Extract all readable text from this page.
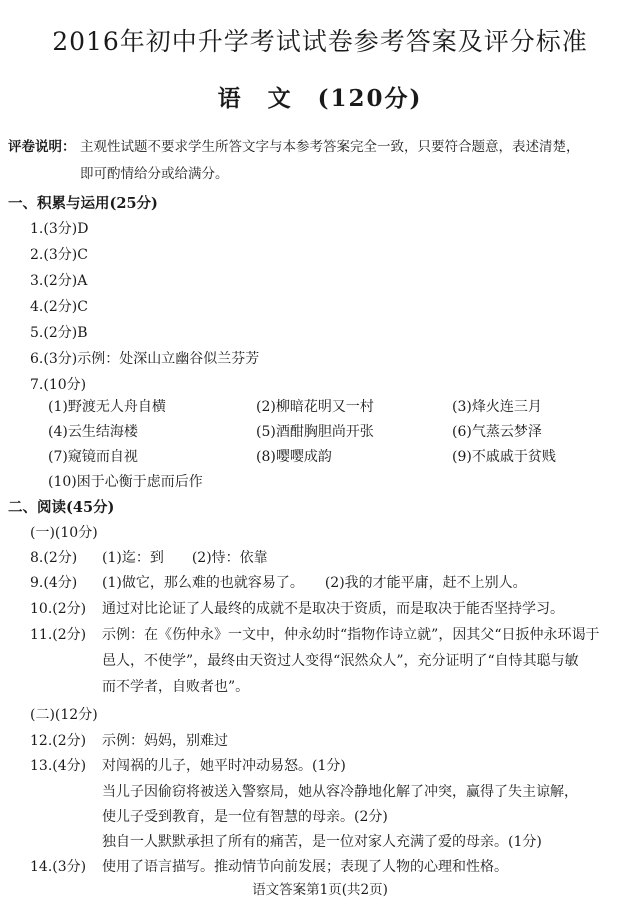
2016年初中升学考试试卷参考答案及评分标准
语　文　(120分)
评卷说明： 主观性试题不要求学生所答文字与本参考答案完全一致，只要符合题意，表述清楚，
即可酌情给分或给满分。
一、积累与运用(25分)
1.(3分)D
2.(3分)C
3.(2分)A
4.(2分)C
5.(2分)B
6.(3分)示例：处深山立幽谷似兰芬芳
7.(10分)
(1)野渡无人舟自横	(2)柳暗花明又一村	(3)烽火连三月
(4)云生结海楼	(5)酒酣胸胆尚开张	(6)气蒸云梦泽
(7)窥镜而自视	(8)嘤嘤成韵	(9)不戚戚于贫贱
(10)困于心衡于虑而后作
二、阅读(45分)
(一)(10分)
8.(2分) (1)迄：到　　(2)恃：依靠
9.(4分) (1)做它，那么难的也就容易了。　　(2)我的才能平庸，赶不上别人。
10.(2分) 通过对比论证了人最终的成就不是取决于资质，而是取决于能否坚持学习。
11.(2分) 示例：在《伤仲永》一文中，仲永幼时“指物作诗立就”，因其父“日扳仲永环谒于
邑人，不使学”，最终由天资过人变得“泯然众人”，充分证明了“自恃其聪与敏
而不学者，自败者也”。
(二)(12分)
12.(2分) 示例：妈妈，别难过
13.(4分) 对闯祸的儿子，她平时冲动易怒。(1分)
当儿子因偷窃将被送入警察局，她从容冷静地化解了冲突，赢得了失主谅解，
使儿子受到教育，是一位有智慧的母亲。(2分)
独自一人默默承担了所有的痛苦，是一位对家人充满了爱的母亲。(1分)
14.(3分) 使用了语言描写。推动情节向前发展；表现了人物的心理和性格。
语文答案第1页(共2页)
